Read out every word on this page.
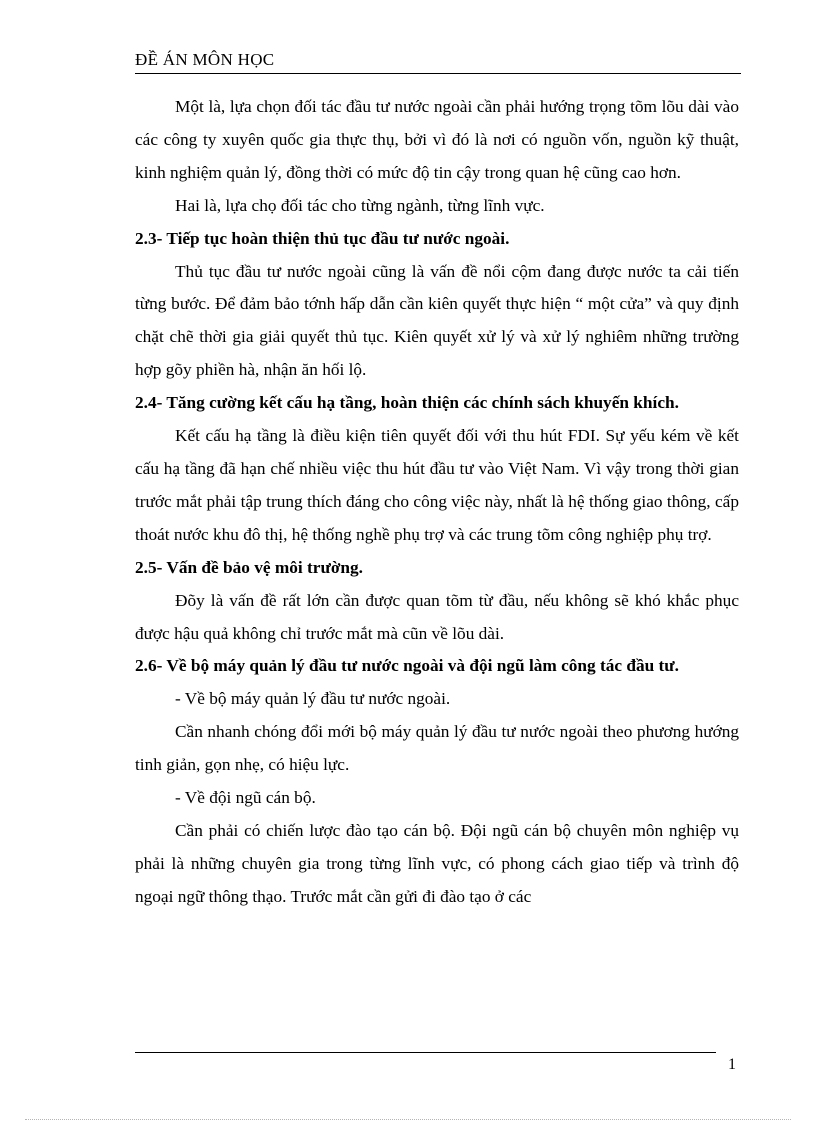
ĐỀ ÁN MÔN HỌC

Một là, lựa chọn đối tác đầu tư nước ngoài cần phải hướng trọng tõm lõu dài vào các công ty xuyên quốc gia thực thụ, bởi vì đó là nơi có nguồn vốn, nguồn kỹ thuật, kinh nghiệm quản lý, đồng thời có mức độ tin cậy trong quan hệ cũng cao hơn.

Hai là, lựa chọ đối tác cho từng ngành, từng lĩnh vực.

2.3- Tiếp tục hoàn thiện thủ tục đầu tư nước ngoài.

Thủ tục đầu tư nước ngoài cũng là vấn đề nổi cộm đang được nước ta cải tiến từng bước. Để đảm bảo tớnh hấp dẫn cần kiên quyết thực hiện “ một cửa” và quy định chặt chẽ thời gia giải quyết thủ tục. Kiên quyết xử lý và xử lý nghiêm những trường hợp gõy phiền hà, nhận ăn hối lộ.

2.4- Tăng cường kết cấu hạ tầng, hoàn thiện các chính sách khuyến khích.

Kết cấu hạ tầng là điều kiện tiên quyết đối với thu hút FDI. Sự yếu kém về kết cấu hạ tầng đã hạn chế nhiều việc thu hút đầu tư vào Việt Nam. Vì vậy trong thời gian trước mắt phải tập trung thích đáng cho công việc này, nhất là hệ thống giao thông, cấp thoát nước khu đô thị, hệ thống nghề phụ trợ và các trung tõm công nghiệp phụ trợ.

2.5- Vấn đề bảo vệ môi trường.

Đõy là vấn đề rất lớn cần được quan tõm từ đầu, nếu không sẽ khó khắc phục được hậu quả không chỉ trước mắt mà cũn về lõu dài.

2.6- Về bộ máy quản lý đầu tư nước ngoài và đội ngũ làm công tác đầu tư.

- Về bộ máy quản lý đầu tư nước ngoài.

Cần nhanh chóng đổi mới bộ máy quản lý đầu tư nước ngoài theo phương hướng tinh giản, gọn nhẹ, có hiệu lực.

- Về đội ngũ cán bộ.

Cần phải có chiến lược đào tạo cán bộ. Đội ngũ cán bộ chuyên môn nghiệp vụ phải là những chuyên gia trong từng lĩnh vực, có phong cách giao tiếp và trình độ ngoại ngữ thông thạo. Trước mắt cần gửi đi đào tạo ở các

1
